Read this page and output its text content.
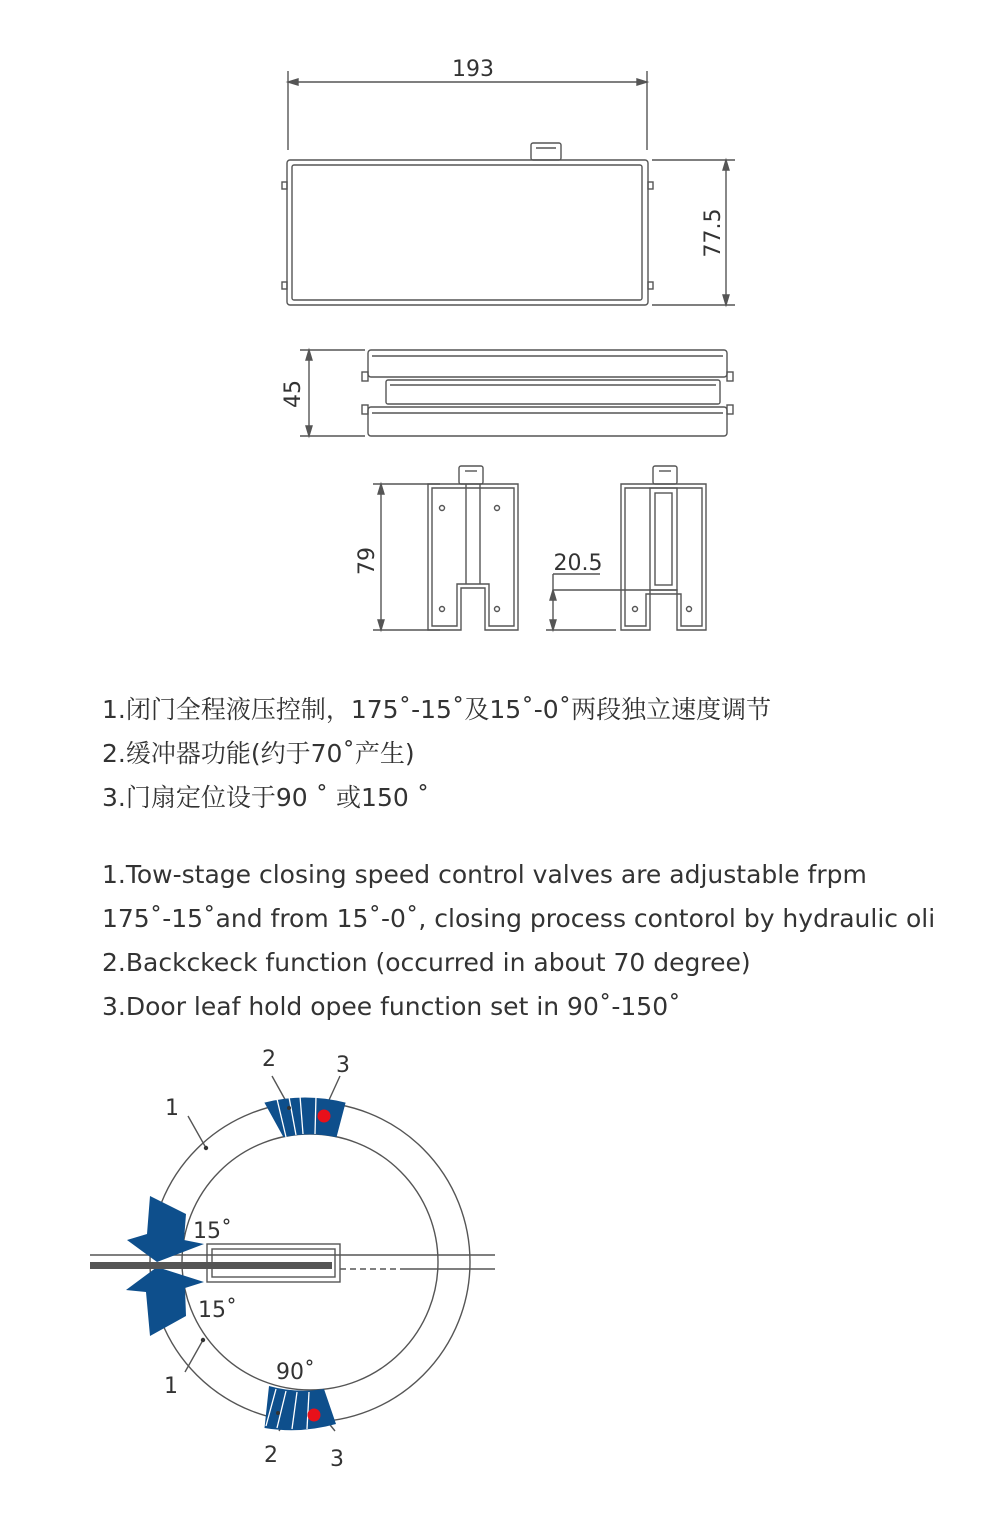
193
77.5
45
79	20.5
1
1
2	3
2 3
15˚
15˚
90˚
1.闭门全程液压控制，175˚-15˚及15˚-0˚两段独立速度调节
2.缓冲器功能(约于70˚产生)
3.门扇定位设于90 ˚ 或150 ˚
1.Tow-stage closing speed control valves are adjustable frpm
175˚-15˚and from 15˚-0˚, closing process contorol by hydraulic oli
2.Backckeck function (occurred in about 70 degree)
3.Door leaf hold opee function set in 90˚-150˚
